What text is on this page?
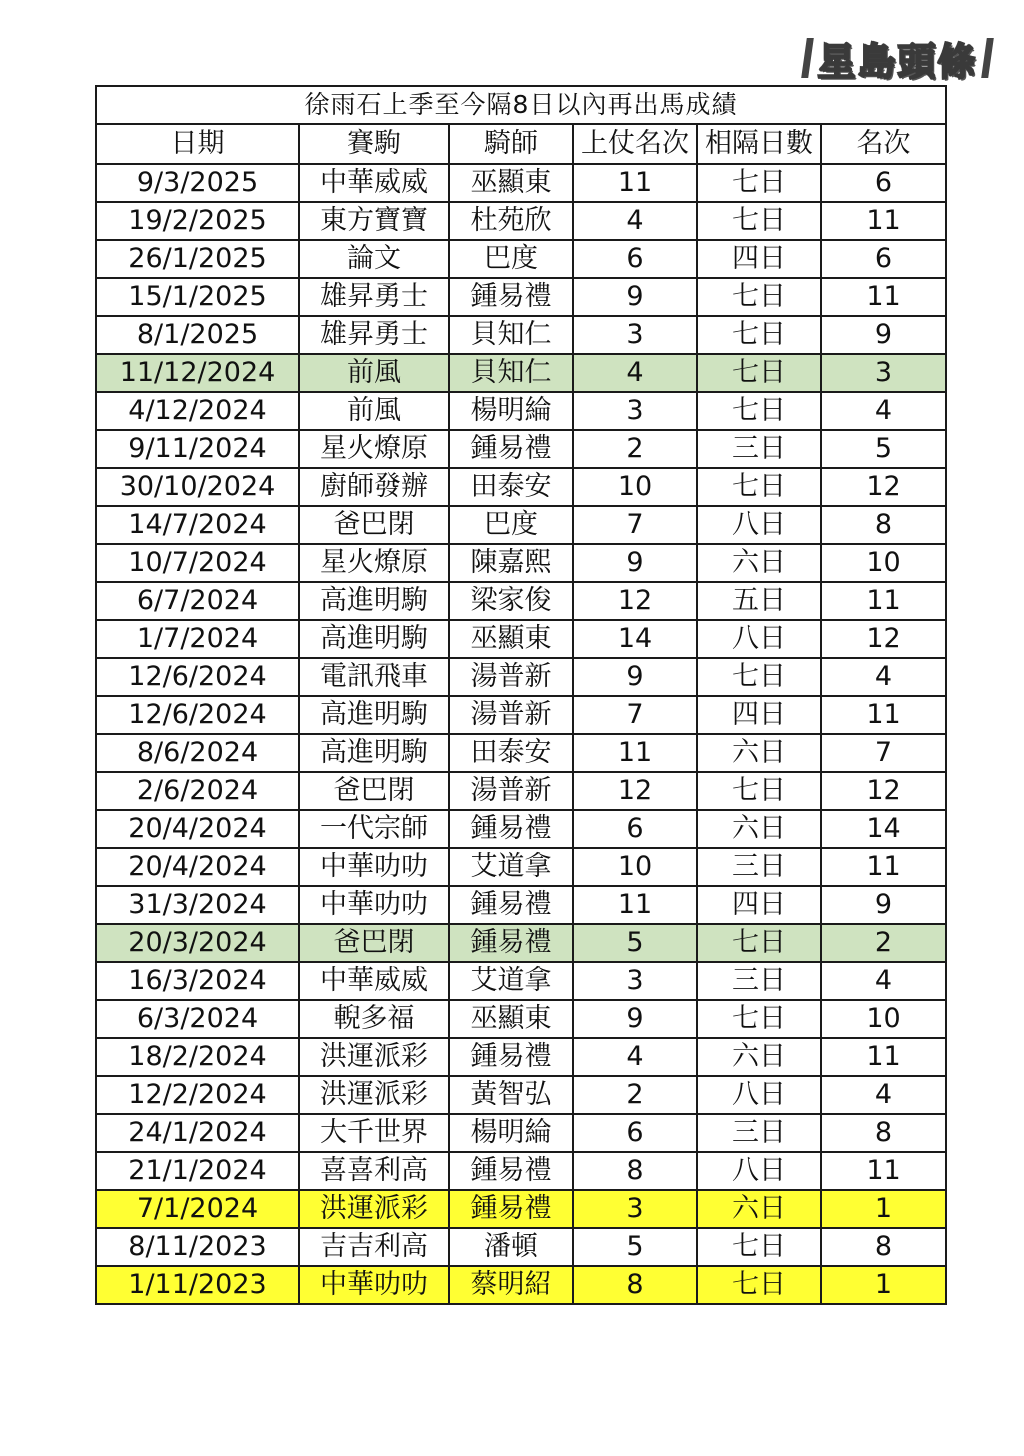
星島頭條
徐雨石上季至今隔8日以內再出馬成績					
日期	賽駒	騎師	上仗名次	相隔日數	名次
9/3/2025	中華威威	巫顯東	11	七日	6
19/2/2025	東方寶寶	杜苑欣	4	七日	11
26/1/2025	論文	巴度	6	四日	6
15/1/2025	雄昇勇士	鍾易禮	9	七日	11
8/1/2025	雄昇勇士	貝知仁	3	七日	9
11/12/2024	前風	貝知仁	4	七日	3
4/12/2024	前風	楊明綸	3	七日	4
9/11/2024	星火燎原	鍾易禮	2	三日	5
30/10/2024	廚師發辦	田泰安	10	七日	12
14/7/2024	爸巴閉	巴度	7	八日	8
10/7/2024	星火燎原	陳嘉熙	9	六日	10
6/7/2024	高進明駒	梁家俊	12	五日	11
1/7/2024	高進明駒	巫顯東	14	八日	12
12/6/2024	電訊飛車	湯普新	9	七日	4
12/6/2024	高進明駒	湯普新	7	四日	11
8/6/2024	高進明駒	田泰安	11	六日	7
2/6/2024	爸巴閉	湯普新	12	七日	12
20/4/2024	一代宗師	鍾易禮	6	六日	14
20/4/2024	中華叻叻	艾道拿	10	三日	11
31/3/2024	中華叻叻	鍾易禮	11	四日	9
20/3/2024	爸巴閉	鍾易禮	5	七日	2
16/3/2024	中華威威	艾道拿	3	三日	4
6/3/2024	輗多福	巫顯東	9	七日	10
18/2/2024	洪運派彩	鍾易禮	4	六日	11
12/2/2024	洪運派彩	黃智弘	2	八日	4
24/1/2024	大千世界	楊明綸	6	三日	8
21/1/2024	喜喜利高	鍾易禮	8	八日	11
7/1/2024	洪運派彩	鍾易禮	3	六日	1
8/11/2023	吉吉利高	潘頓	5	七日	8
1/11/2023	中華叻叻	蔡明紹	8	七日	1
